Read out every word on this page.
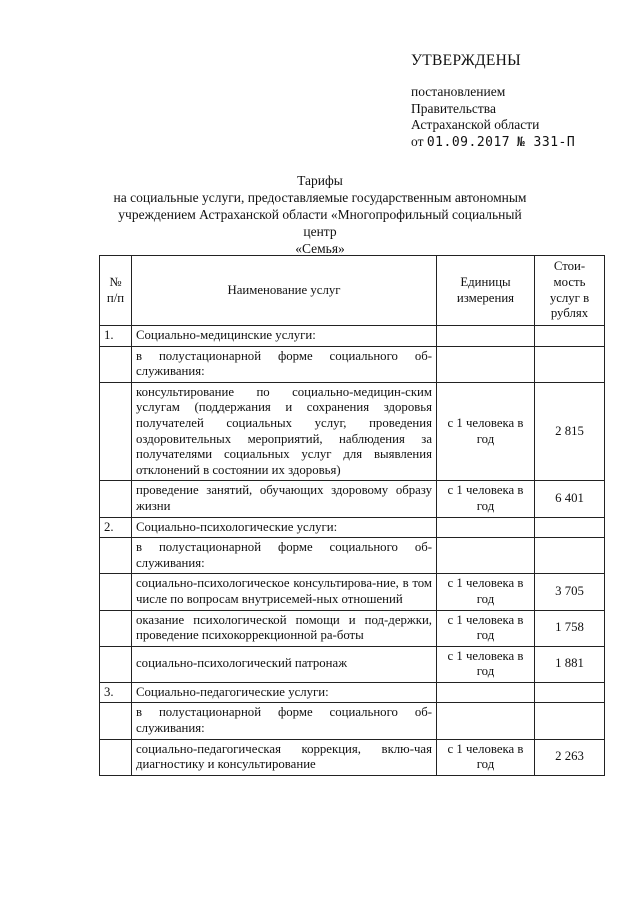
УТВЕРЖДЕНЫ
постановлением
Правительства
Астраханской области
от 01.09.2017 № 331-П
Тарифы
на социальные услуги, предоставляемые государственным автономным
учреждением Астраханской области «Многопрофильный социальный центр
«Семья»
№ п/п	Наименование услуг	Единицы измерения	Стои-мость услуг в рублях
1.	Социально-медицинские услуги:		
	в полустационарной форме социального об-служивания:		
	консультирование по социально-медицин-ским услугам (поддержания и сохранения здоровья получателей социальных услуг, проведения оздоровительных мероприятий, наблюдения за получателями социальных услуг для выявления отклонений в состоянии их здоровья)	с 1 человека в год	2 815
	проведение занятий, обучающих здоровому образу жизни	с 1 человека в год	6 401
2.	Социально-психологические услуги:		
	в полустационарной форме социального об-служивания:		
	социально-психологическое консультирова-ние, в том числе по вопросам внутрисемей-ных отношений	с 1 человека в год	3 705
	оказание психологической помощи и под-держки, проведение психокоррекционной ра-боты	с 1 человека в год	1 758
	социально-психологический патронаж	с 1 человека в год	1 881
3.	Социально-педагогические услуги:		
	в полустационарной форме социального об-служивания:		
	социально-педагогическая коррекция, вклю-чая диагностику и консультирование	с 1 человека в год	2 263
